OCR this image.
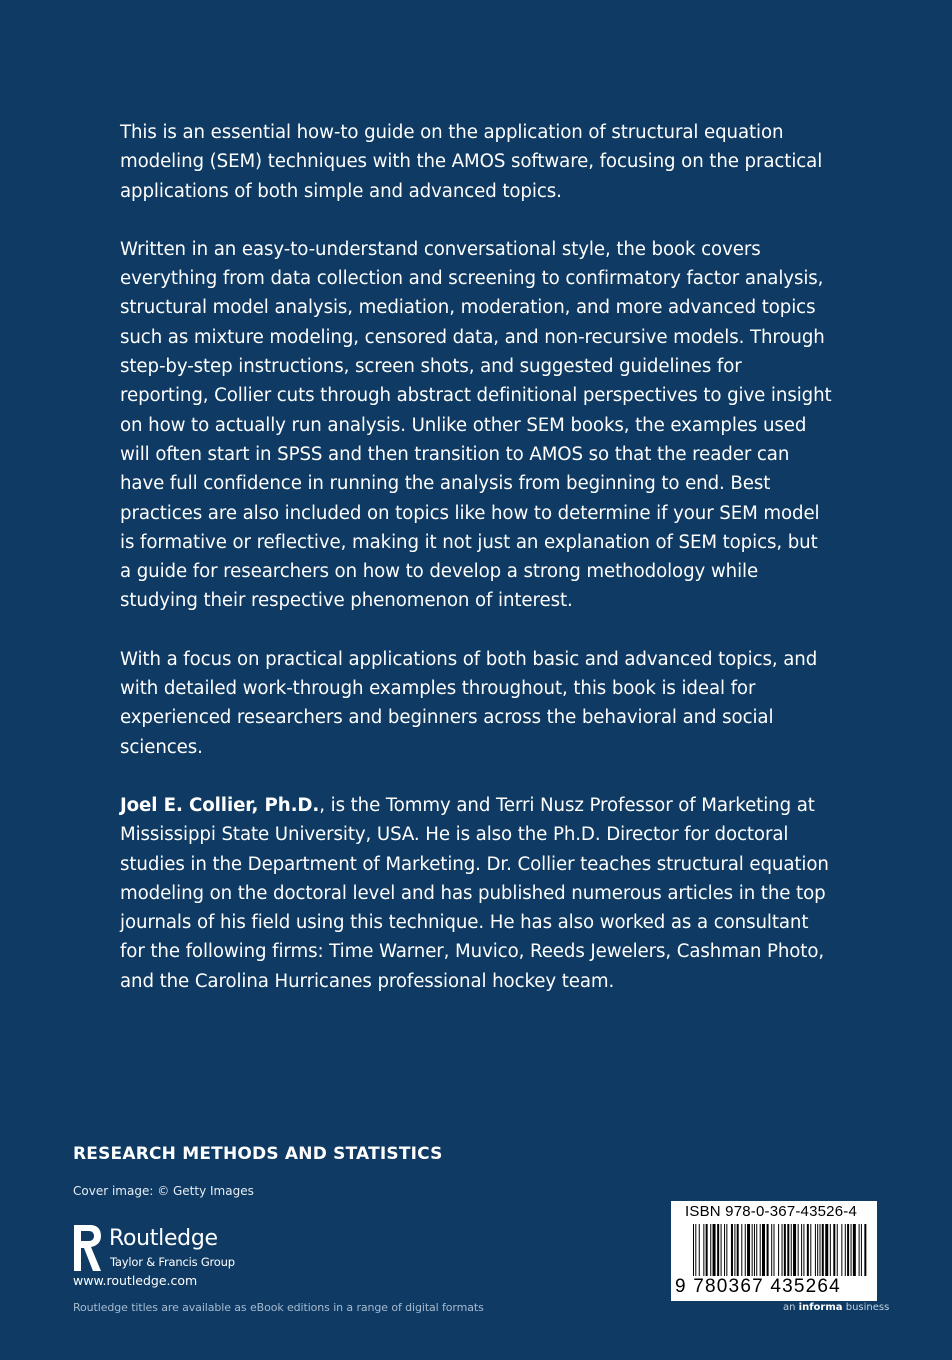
This is an essential how-to guide on the application of structural equation modeling (SEM) techniques with the AMOS software, focusing on the practical applications of both simple and advanced topics.

Written in an easy-to-understand conversational style, the book covers everything from data collection and screening to confirmatory factor analysis, structural model analysis, mediation, moderation, and more advanced topics such as mixture modeling, censored data, and non-recursive models. Through step-by-step instructions, screen shots, and suggested guidelines for reporting, Collier cuts through abstract definitional perspectives to give insight on how to actually run analysis. Unlike other SEM books, the examples used will often start in SPSS and then transition to AMOS so that the reader can have full confidence in running the analysis from beginning to end. Best practices are also included on topics like how to determine if your SEM model is formative or reflective, making it not just an explanation of SEM topics, but a guide for researchers on how to develop a strong methodology while studying their respective phenomenon of interest.

With a focus on practical applications of both basic and advanced topics, and with detailed work-through examples throughout, this book is ideal for experienced researchers and beginners across the behavioral and social sciences.

Joel E. Collier, Ph.D., is the Tommy and Terri Nusz Professor of Marketing at Mississippi State University, USA. He is also the Ph.D. Director for doctoral studies in the Department of Marketing. Dr. Collier teaches structural equation modeling on the doctoral level and has published numerous articles in the top journals of his field using this technique. He has also worked as a consultant for the following firms: Time Warner, Muvico, Reeds Jewelers, Cashman Photo, and the Carolina Hurricanes professional hockey team.

RESEARCH METHODS AND STATISTICS
Cover image: © Getty Images
Routledge
Taylor & Francis Group
www.routledge.com
Routledge titles are available as eBook editions in a range of digital formats
ISBN 978-0-367-43526-4
9 780367 435264
an informa business
